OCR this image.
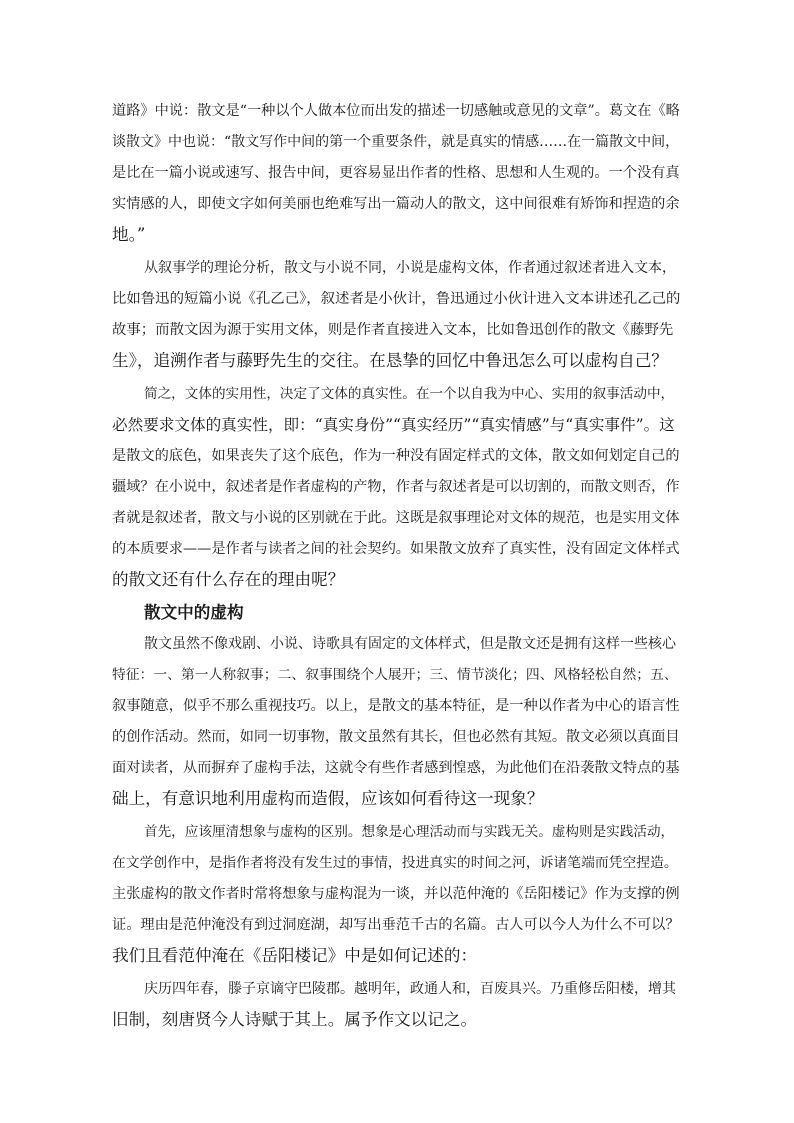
道路》中说：散文是“一种以个人做本位而出发的描述一切感触或意见的文章”。葛文在《略
谈散文》中也说：“散文写作中间的第一个重要条件，就是真实的情感……在一篇散文中间，
是比在一篇小说或速写、报告中间，更容易显出作者的性格、思想和人生观的。一个没有真
实情感的人，即使文字如何美丽也绝难写出一篇动人的散文，这中间很难有矫饰和捏造的余
地。”
从叙事学的理论分析，散文与小说不同，小说是虚构文体，作者通过叙述者进入文本，
比如鲁迅的短篇小说《孔乙己》，叙述者是小伙计，鲁迅通过小伙计进入文本讲述孔乙己的
故事；而散文因为源于实用文体，则是作者直接进入文本，比如鲁迅创作的散文《藤野先
生》，追溯作者与藤野先生的交往。在恳挚的回忆中鲁迅怎么可以虚构自己？
简之，文体的实用性，决定了文体的真实性。在一个以自我为中心、实用的叙事活动中，
必然要求文体的真实性，即：“真实身份”“真实经历”“真实情感”与“真实事件”。这
是散文的底色，如果丧失了这个底色，作为一种没有固定样式的文体，散文如何划定自己的
疆域？在小说中，叙述者是作者虚构的产物，作者与叙述者是可以切割的，而散文则否，作
者就是叙述者，散文与小说的区别就在于此。这既是叙事理论对文体的规范，也是实用文体
的本质要求——是作者与读者之间的社会契约。如果散文放弃了真实性，没有固定文体样式
的散文还有什么存在的理由呢？
散文中的虚构
散文虽然不像戏剧、小说、诗歌具有固定的文体样式，但是散文还是拥有这样一些核心
特征：一、第一人称叙事；二、叙事围绕个人展开；三、情节淡化；四、风格轻松自然；五、
叙事随意，似乎不那么重视技巧。以上，是散文的基本特征，是一种以作者为中心的语言性
的创作活动。然而，如同一切事物，散文虽然有其长，但也必然有其短。散文必须以真面目
面对读者，从而摒弃了虚构手法，这就令有些作者感到惶惑，为此他们在沿袭散文特点的基
础上，有意识地利用虚构而造假，应该如何看待这一现象？
首先，应该厘清想象与虚构的区别。想象是心理活动而与实践无关。虚构则是实践活动，
在文学创作中，是指作者将没有发生过的事情，投进真实的时间之河，诉诸笔端而凭空捏造。
主张虚构的散文作者时常将想象与虚构混为一谈，并以范仲淹的《岳阳楼记》作为支撑的例
证。理由是范仲淹没有到过洞庭湖，却写出垂范千古的名篇。古人可以今人为什么不可以？
我们且看范仲淹在《岳阳楼记》中是如何记述的：
庆历四年春，滕子京谪守巴陵郡。越明年，政通人和，百废具兴。乃重修岳阳楼，增其
旧制，刻唐贤今人诗赋于其上。属予作文以记之。
